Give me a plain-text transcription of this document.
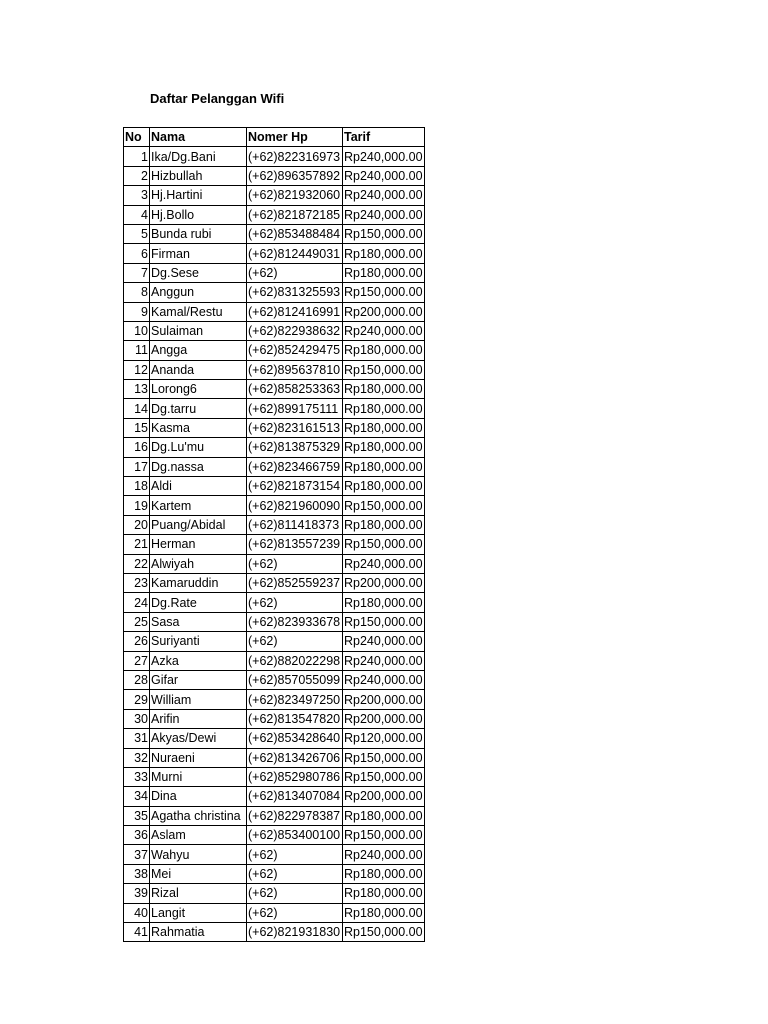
Daftar Pelanggan Wifi
No	Nama	Nomer Hp	Tarif
1	Ika/Dg.Bani	(+62)822316973	Rp240,000.00
2	Hizbullah	(+62)896357892	Rp240,000.00
3	Hj.Hartini	(+62)821932060	Rp240,000.00
4	Hj.Bollo	(+62)821872185	Rp240,000.00
5	Bunda rubi	(+62)853488484	Rp150,000.00
6	Firman	(+62)812449031	Rp180,000.00
7	Dg.Sese	(+62)	Rp180,000.00
8	Anggun	(+62)831325593	Rp150,000.00
9	Kamal/Restu	(+62)812416991	Rp200,000.00
10	Sulaiman	(+62)822938632	Rp240,000.00
11	Angga	(+62)852429475	Rp180,000.00
12	Ananda	(+62)895637810	Rp150,000.00
13	Lorong6	(+62)858253363	Rp180,000.00
14	Dg.tarru	(+62)899175111	Rp180,000.00
15	Kasma	(+62)823161513	Rp180,000.00
16	Dg.Lu'mu	(+62)813875329	Rp180,000.00
17	Dg.nassa	(+62)823466759	Rp180,000.00
18	Aldi	(+62)821873154	Rp180,000.00
19	Kartem	(+62)821960090	Rp150,000.00
20	Puang/Abidal	(+62)811418373	Rp180,000.00
21	Herman	(+62)813557239	Rp150,000.00
22	Alwiyah	(+62)	Rp240,000.00
23	Kamaruddin	(+62)852559237	Rp200,000.00
24	Dg.Rate	(+62)	Rp180,000.00
25	Sasa	(+62)823933678	Rp150,000.00
26	Suriyanti	(+62)	Rp240,000.00
27	Azka	(+62)882022298	Rp240,000.00
28	Gifar	(+62)857055099	Rp240,000.00
29	William	(+62)823497250	Rp200,000.00
30	Arifin	(+62)813547820	Rp200,000.00
31	Akyas/Dewi	(+62)853428640	Rp120,000.00
32	Nuraeni	(+62)813426706	Rp150,000.00
33	Murni	(+62)852980786	Rp150,000.00
34	Dina	(+62)813407084	Rp200,000.00
35	Agatha christina	(+62)822978387	Rp180,000.00
36	Aslam	(+62)853400100	Rp150,000.00
37	Wahyu	(+62)	Rp240,000.00
38	Mei	(+62)	Rp180,000.00
39	Rizal	(+62)	Rp180,000.00
40	Langit	(+62)	Rp180,000.00
41	Rahmatia	(+62)821931830	Rp150,000.00
